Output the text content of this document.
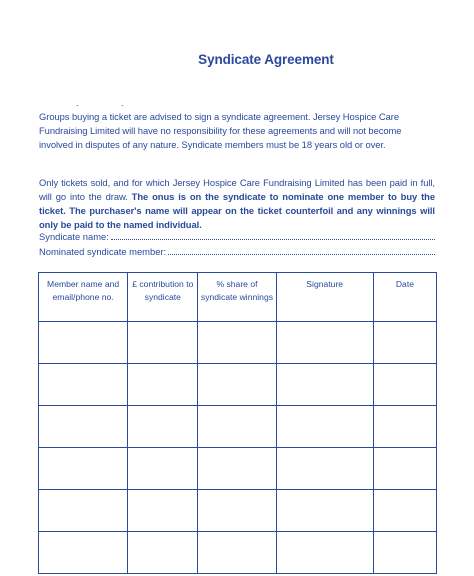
Syndicate Agreement
. .
Groups buying a ticket are advised to sign a syndicate agreement. Jersey Hospice Care Fundraising Limited will have no responsibility for these agreements and will not become involved in disputes of any nature. Syndicate members must be 18 years old or over.
Only tickets sold, and for which Jersey Hospice Care Fundraising Limited has been paid in full, will go into the draw. The onus is on the syndicate to nominate one member to buy the ticket. The purchaser's name will appear on the ticket counterfoil and any winnings will only be paid to the named individual.
Syndicate name:
Nominated syndicate member:
Member name and email/phone no.	£ contribution to syndicate	% share of syndicate winnings	Signature	Date
